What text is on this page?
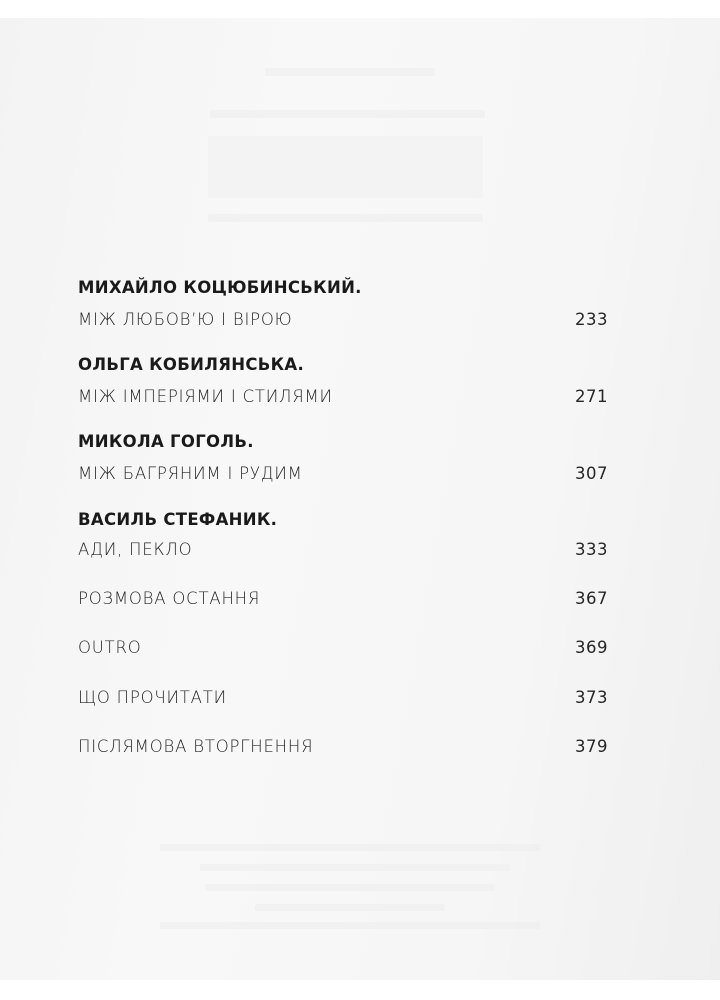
МИХАЙЛО КОЦЮБИНСЬКИЙ.
МІЖ ЛЮБОВ’Ю І ВІРОЮ	233
ОЛЬГА КОБИЛЯНСЬКА.
МІЖ ІМПЕРІЯМИ І СТИЛЯМИ	271
МИКОЛА ГОГОЛЬ.
МІЖ БАГРЯНИМ І РУДИМ	307
ВАСИЛЬ СТЕФАНИК.
АДИ, ПЕКЛО	333
РОЗМОВА ОСТАННЯ	367
OUTRO	369
ЩО ПРОЧИТАТИ	373
ПІСЛЯМОВА ВТОРГНЕННЯ	379
